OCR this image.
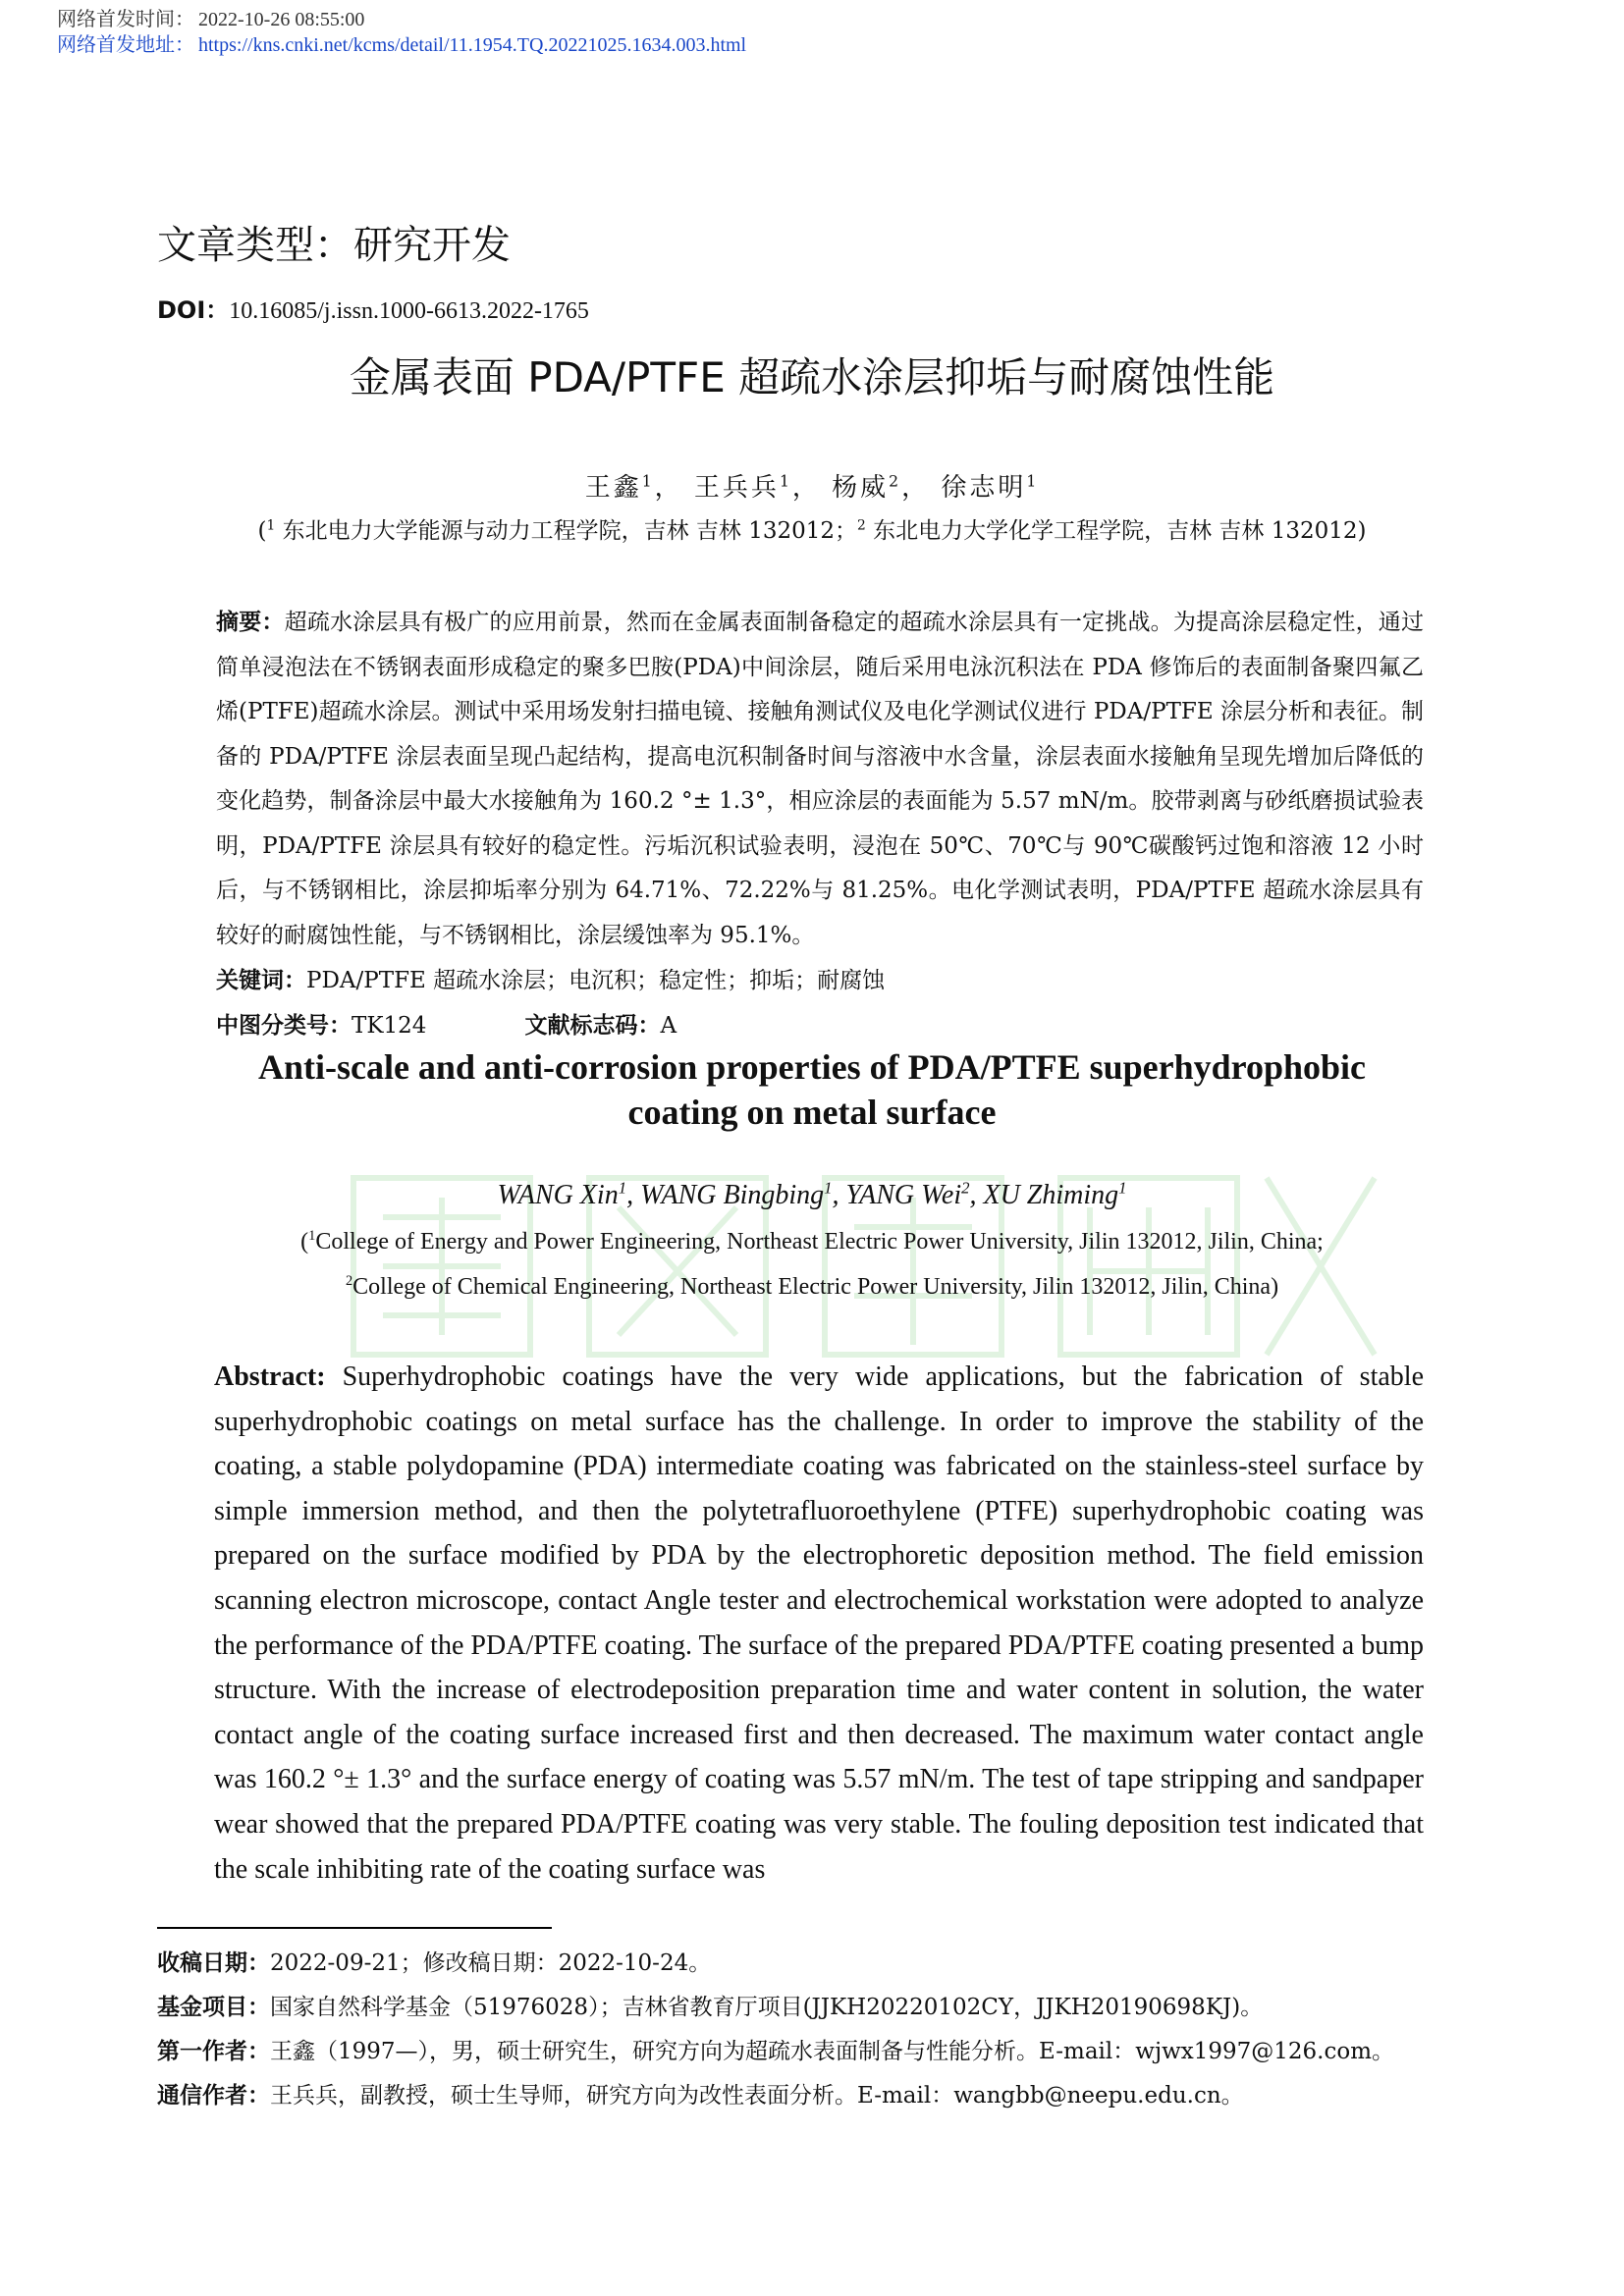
网络首发时间： 2022-10-26 08:55:00
网络首发地址： https://kns.cnki.net/kcms/detail/11.1954.TQ.20221025.1634.003.html
文章类型：研究开发
DOI：10.16085/j.issn.1000-6613.2022-1765
金属表面 PDA/PTFE 超疏水涂层抑垢与耐腐蚀性能
王鑫$^1$， 王兵兵$^1$， 杨威$^2$， 徐志明$^1$
($^1$ 东北电力大学能源与动力工程学院，吉林 吉林 132012；$^2$ 东北电力大学化学工程学院，吉林 吉林 132012)
摘要：超疏水涂层具有极广的应用前景，然而在金属表面制备稳定的超疏水涂层具有一定挑战。为提高涂层稳定性，通过简单浸泡法在不锈钢表面形成稳定的聚多巴胺(PDA)中间涂层，随后采用电泳沉积法在 PDA 修饰后的表面制备聚四氟乙烯(PTFE)超疏水涂层。测试中采用场发射扫描电镜、接触角测试仪及电化学测试仪进行 PDA/PTFE 涂层分析和表征。制备的 PDA/PTFE 涂层表面呈现凸起结构，提高电沉积制备时间与溶液中水含量，涂层表面水接触角呈现先增加后降低的变化趋势，制备涂层中最大水接触角为 160.2 °± 1.3°，相应涂层的表面能为 5.57 mN/m。胶带剥离与砂纸磨损试验表明，PDA/PTFE 涂层具有较好的稳定性。污垢沉积试验表明，浸泡在 50℃、70℃与 90℃碳酸钙过饱和溶液 12 小时后，与不锈钢相比，涂层抑垢率分别为 64.71%、72.22%与 81.25%。电化学测试表明，PDA/PTFE 超疏水涂层具有较好的耐腐蚀性能，与不锈钢相比，涂层缓蚀率为 95.1%。
关键词：PDA/PTFE 超疏水涂层；电沉积；稳定性；抑垢；耐腐蚀
中图分类号：TK124	文献标志码：A
Anti-scale and anti-corrosion properties of PDA/PTFE superhydrophobic
coating on metal surface
WANG Xin$^1$, WANG Bingbing$^1$, YANG Wei$^2$, XU Zhiming$^1$
($^1$College of Energy and Power Engineering, Northeast Electric Power University, Jilin 132012, Jilin, China;
$^2$College of Chemical Engineering, Northeast Electric Power University, Jilin 132012, Jilin, China)
Abstract: Superhydrophobic coatings have the very wide applications, but the fabrication of stable superhydrophobic coatings on metal surface has the challenge. In order to improve the stability of the coating, a stable polydopamine (PDA) intermediate coating was fabricated on the stainless-steel surface by simple immersion method, and then the polytetrafluoroethylene (PTFE) superhydrophobic coating was prepared on the surface modified by PDA by the electrophoretic deposition method. The field emission scanning electron microscope, contact Angle tester and electrochemical workstation were adopted to analyze the performance of the PDA/PTFE coating. The surface of the prepared PDA/PTFE coating presented a bump structure. With the increase of electrodeposition preparation time and water content in solution, the water contact angle of the coating surface increased first and then decreased. The maximum water contact angle was 160.2 °± 1.3° and the surface energy of coating was 5.57 mN/m. The test of tape stripping and sandpaper wear showed that the prepared PDA/PTFE coating was very stable. The fouling deposition test indicated that the scale inhibiting rate of the coating surface was
收稿日期：2022-09-21；修改稿日期：2022-10-24。
基金项目：国家自然科学基金（51976028）；吉林省教育厅项目(JJKH20220102CY，JJKH20190698KJ)。
第一作者：王鑫（1997—），男，硕士研究生，研究方向为超疏水表面制备与性能分析。E-mail：wjwx1997@126.com。
通信作者：王兵兵，副教授，硕士生导师，研究方向为改性表面分析。E-mail：wangbb@neepu.edu.cn。
